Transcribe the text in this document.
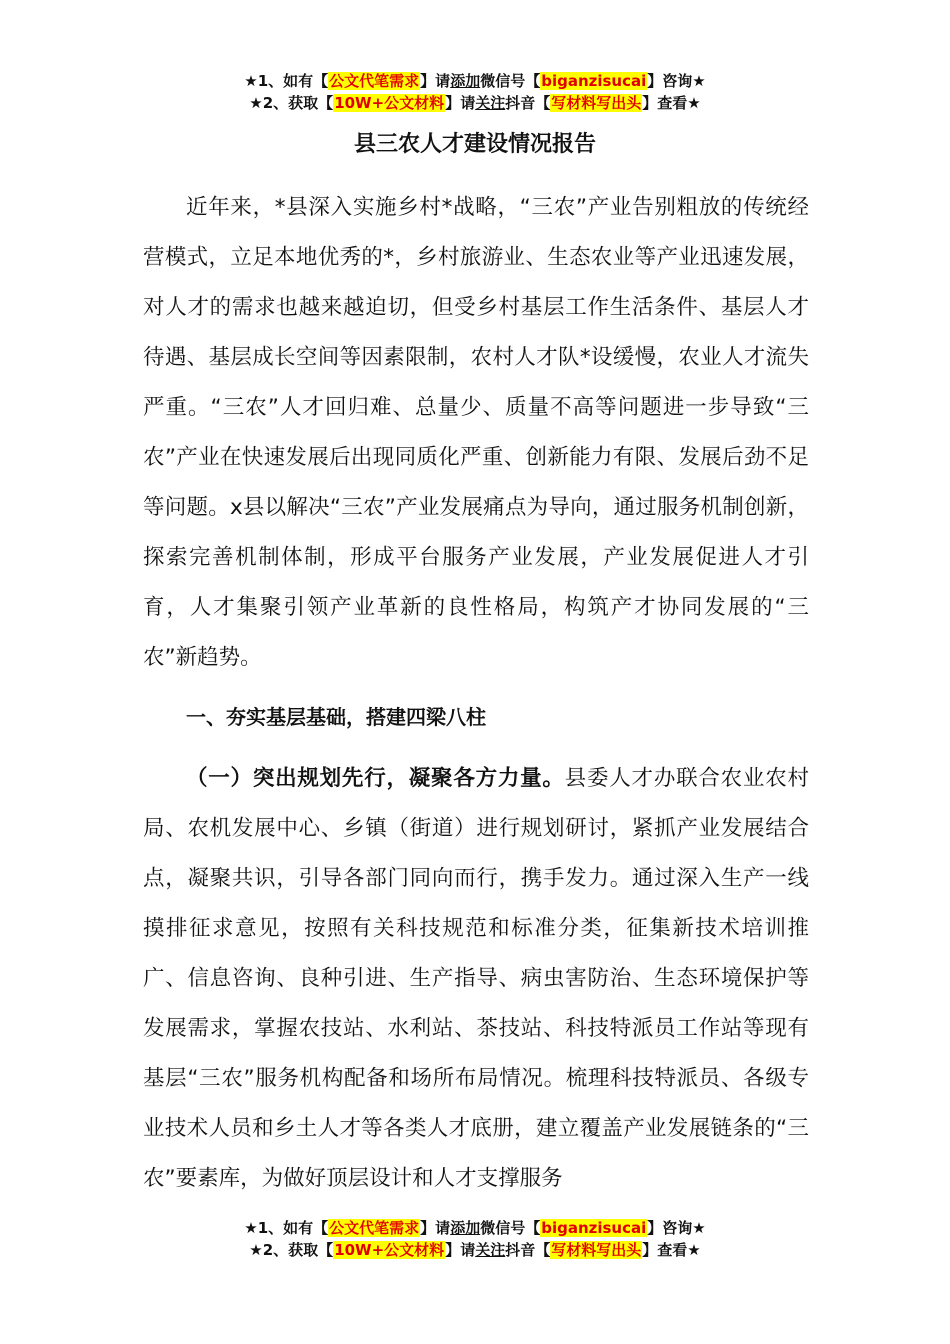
★1、如有【公文代笔需求】请添加微信号【biganzisucai】咨询★
★2、获取【10W+公文材料】请关注抖音【写材料写出头】查看★
县三农人才建设情况报告

近年来，*县深入实施乡村*战略，“三农”产业告别粗放的传统经营模式，立足本地优秀的*，乡村旅游业、生态农业等产业迅速发展，对人才的需求也越来越迫切，但受乡村基层工作生活条件、基层人才待遇、基层成长空间等因素限制，农村人才队*设缓慢，农业人才流失严重。“三农”人才回归难、总量少、质量不高等问题进一步导致“三农”产业在快速发展后出现同质化严重、创新能力有限、发展后劲不足等问题。x县以解决“三农”产业发展痛点为导向，通过服务机制创新，探索完善机制体制，形成平台服务产业发展，产业发展促进人才引育，人才集聚引领产业革新的良性格局，构筑产才协同发展的“三农”新趋势。

一、夯实基层基础，搭建四梁八柱

（一）突出规划先行，凝聚各方力量。县委人才办联合农业农村局、农机发展中心、乡镇（街道）进行规划研讨，紧抓产业发展结合点，凝聚共识，引导各部门同向而行，携手发力。通过深入生产一线摸排征求意见，按照有关科技规范和标准分类，征集新技术培训推广、信息咨询、良种引进、生产指导、病虫害防治、生态环境保护等发展需求，掌握农技站、水利站、茶技站、科技特派员工作站等现有基层“三农”服务机构配备和场所布局情况。梳理科技特派员、各级专业技术人员和乡土人才等各类人才底册，建立覆盖产业发展链条的“三农”要素库，为做好顶层设计和人才支撑服务

★1、如有【公文代笔需求】请添加微信号【biganzisucai】咨询★
★2、获取【10W+公文材料】请关注抖音【写材料写出头】查看★
